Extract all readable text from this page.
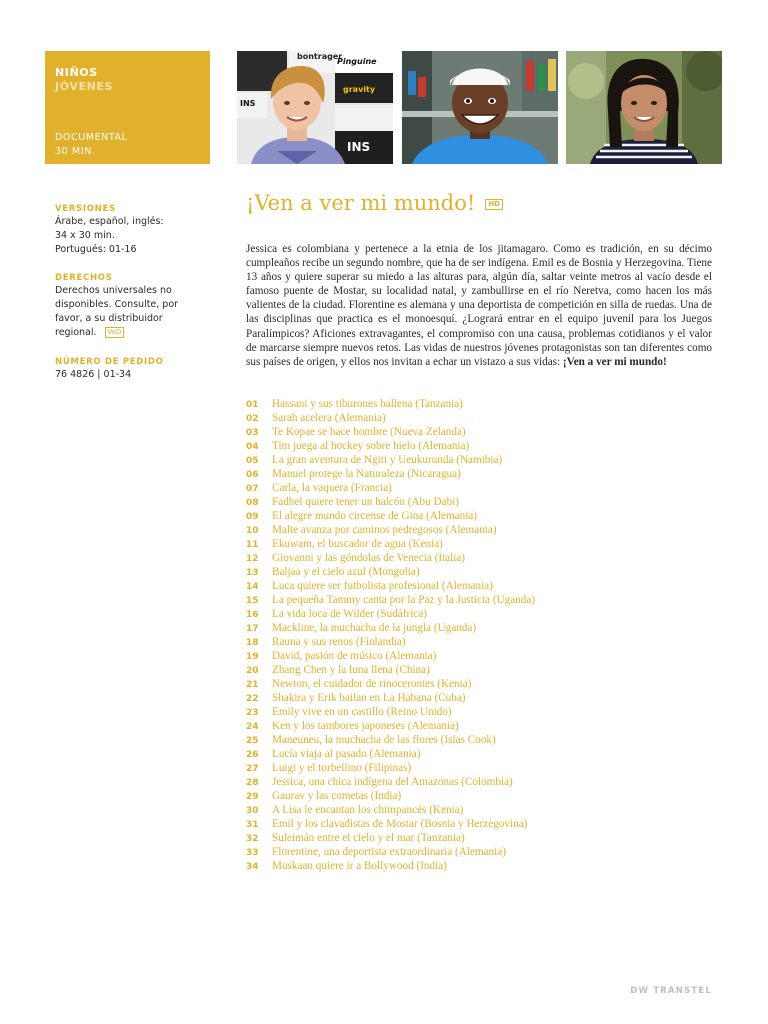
NIÑOS
JÓVENES
DOCUMENTAL
30 MIN.
bontrager
Pinguine
gravity
INS
INS
VERSIONES
Árabe, español, inglés:
34 x 30 min.
Portugués: 01-16
DERECHOS
Derechos universales no
disponibles. Consulte, por
favor, a su distribuidor
regional. VoD
NÚMERO DE PEDIDO
76 4826 | 01-34
¡Ven a ver mi mundo! HD

Jessica es colombiana y pertenece a la etnia de los jitamagaro. Como es tradición, en su décimo cumpleaños recibe un segundo nombre, que ha de ser indígena. Emil es de Bosnia y Herzegovina. Tiene 13 años y quiere superar su miedo a las alturas para, algún día, saltar veinte metros al vacío desde el famoso puente de Mostar, su localidad natal, y zambullirse en el río Neretva, como hacen los más valientes de la ciudad. Florentine es alemana y una deportista de competición en silla de ruedas. Una de las disciplinas que practica es el monoesquí. ¿Logrará entrar en el equipo juvenil para los Juegos Paralímpicos? Aficiones extravagantes, el compromiso con una causa, problemas cotidianos y el valor de marcarse siempre nuevos retos. Las vidas de nuestros jóvenes protagonistas son tan diferentes como sus países de origen, y ellos nos invitan a echar un vistazo a sus vidas: ¡Ven a ver mi mundo!

01 Hassani y sus tiburones ballena (Tanzania)
02 Sarah acelera (Alemania)
03 Te Kopae se hace hombre (Nueva Zelanda)
04 Tim juega al hockey sobre hielo (Alemania)
05 La gran aventura de Ngiti y Ueukurunda (Namibia)
06 Manuel protege la Naturaleza (Nicaragua)
07 Carla, la vaquera (Francia)
08 Fadhel quiere tener un halcón (Abu Dabi)
09 El alegre mundo circense de Gina (Alemania)
10 Malte avanza por caminos pedregosos (Alemania)
11 Ekuwam, el buscador de agua (Kenia)
12 Giovanni y las góndolas de Venecia (Italia)
13 Baljaa y el cielo azul (Mongolia)
14 Luca quiere ser futbolista profesional (Alemania)
15 La pequeña Tammy canta por la Paz y la Justicia (Uganda)
16 La vida loca de Wilder (Sudáfrica)
17 Mackline, la muchacha de la jungla (Uganda)
18 Rauna y sus renos (Finlandia)
19 David, pasión de músico (Alemania)
20 Zhang Chen y la luna llena (China)
21 Newton, el cuidador de rinocerontes (Kenia)
22 Shakira y Erik bailan en La Habana (Cuba)
23 Emily vive en un castillo (Reino Unido)
24 Ken y los tambores japoneses (Alemania)
25 Maneuneu, la muchacha de las flores (Islas Cook)
26 Lucía viaja al pasado (Alemania)
27 Luigi y el torbellino (Filipinas)
28 Jessica, una chica indígena del Amazonas (Colombia)
29 Gaurav y las cometas (India)
30 A Lisa le encantan los chimpancés (Kenia)
31 Emil y los clavadistas de Mostar (Bosnia y Herzegovina)
32 Suleimán entre el cielo y el mar (Tanzania)
33 Florentine, una deportista extraordinaria (Alemania)
34 Muskaan quiere ir a Bollywood (India)
DW TRANSTEL
